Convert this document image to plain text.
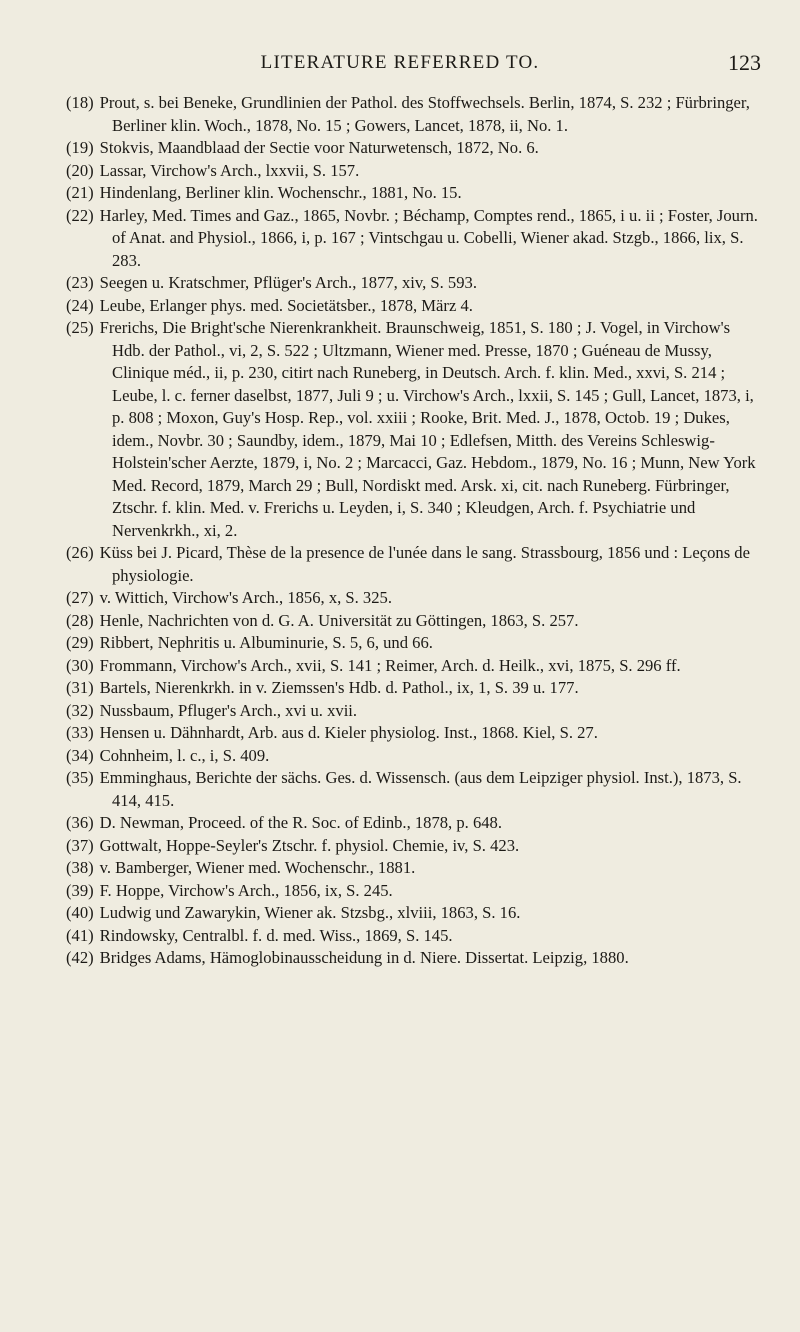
LITERATURE REFERRED TO.	123

(18) Prout, s. bei Beneke, Grundlinien der Pathol. des Stoffwechsels. Berlin, 1874, S. 232 ; Fürbringer, Berliner klin. Woch., 1878, No. 15 ; Gowers, Lancet, 1878, ii, No. 1.

(19) Stokvis, Maandblaad der Sectie voor Naturwetensch, 1872, No. 6.

(20) Lassar, Virchow's Arch., lxxvii, S. 157.

(21) Hindenlang, Berliner klin. Wochenschr., 1881, No. 15.

(22) Harley, Med. Times and Gaz., 1865, Novbr. ; Béchamp, Comptes rend., 1865, i u. ii ; Foster, Journ. of Anat. and Physiol., 1866, i, p. 167 ; Vintschgau u. Cobelli, Wiener akad. Stzgb., 1866, lix, S. 283.

(23) Seegen u. Kratschmer, Pflüger's Arch., 1877, xiv, S. 593.

(24) Leube, Erlanger phys. med. Societätsber., 1878, März 4.

(25) Frerichs, Die Bright'sche Nierenkrankheit. Braunschweig, 1851, S. 180 ; J. Vogel, in Virchow's Hdb. der Pathol., vi, 2, S. 522 ; Ultzmann, Wiener med. Presse, 1870 ; Guéneau de Mussy, Clinique méd., ii, p. 230, citirt nach Runeberg, in Deutsch. Arch. f. klin. Med., xxvi, S. 214 ; Leube, l. c. ferner daselbst, 1877, Juli 9 ; u. Virchow's Arch., lxxii, S. 145 ; Gull, Lancet, 1873, i, p. 808 ; Moxon, Guy's Hosp. Rep., vol. xxiii ; Rooke, Brit. Med. J., 1878, Octob. 19 ; Dukes, idem., Novbr. 30 ; Saundby, idem., 1879, Mai 10 ; Edlefsen, Mitth. des Vereins Schleswig-Holstein'scher Aerzte, 1879, i, No. 2 ; Marcacci, Gaz. Hebdom., 1879, No. 16 ; Munn, New York Med. Record, 1879, March 29 ; Bull, Nordiskt med. Arsk. xi, cit. nach Runeberg. Fürbringer, Ztschr. f. klin. Med. v. Frerichs u. Leyden, i, S. 340 ; Kleudgen, Arch. f. Psychiatrie und Nervenkrkh., xi, 2.

(26) Küss bei J. Picard, Thèse de la presence de l'unée dans le sang. Strassbourg, 1856 und : Leçons de physiologie.

(27) v. Wittich, Virchow's Arch., 1856, x, S. 325.

(28) Henle, Nachrichten von d. G. A. Universität zu Göttingen, 1863, S. 257.

(29) Ribbert, Nephritis u. Albuminurie, S. 5, 6, und 66.

(30) Frommann, Virchow's Arch., xvii, S. 141 ; Reimer, Arch. d. Heilk., xvi, 1875, S. 296 ff.

(31) Bartels, Nierenkrkh. in v. Ziemssen's Hdb. d. Pathol., ix, 1, S. 39 u. 177.

(32) Nussbaum, Pfluger's Arch., xvi u. xvii.

(33) Hensen u. Dähnhardt, Arb. aus d. Kieler physiolog. Inst., 1868. Kiel, S. 27.

(34) Cohnheim, l. c., i, S. 409.

(35) Emminghaus, Berichte der sächs. Ges. d. Wissensch. (aus dem Leipziger physiol. Inst.), 1873, S. 414, 415.

(36) D. Newman, Proceed. of the R. Soc. of Edinb., 1878, p. 648.

(37) Gottwalt, Hoppe-Seyler's Ztschr. f. physiol. Chemie, iv, S. 423.

(38) v. Bamberger, Wiener med. Wochenschr., 1881.

(39) F. Hoppe, Virchow's Arch., 1856, ix, S. 245.

(40) Ludwig und Zawarykin, Wiener ak. Stzsbg., xlviii, 1863, S. 16.

(41) Rindowsky, Centralbl. f. d. med. Wiss., 1869, S. 145.

(42) Bridges Adams, Hämoglobinausscheidung in d. Niere. Dissertat. Leipzig, 1880.
